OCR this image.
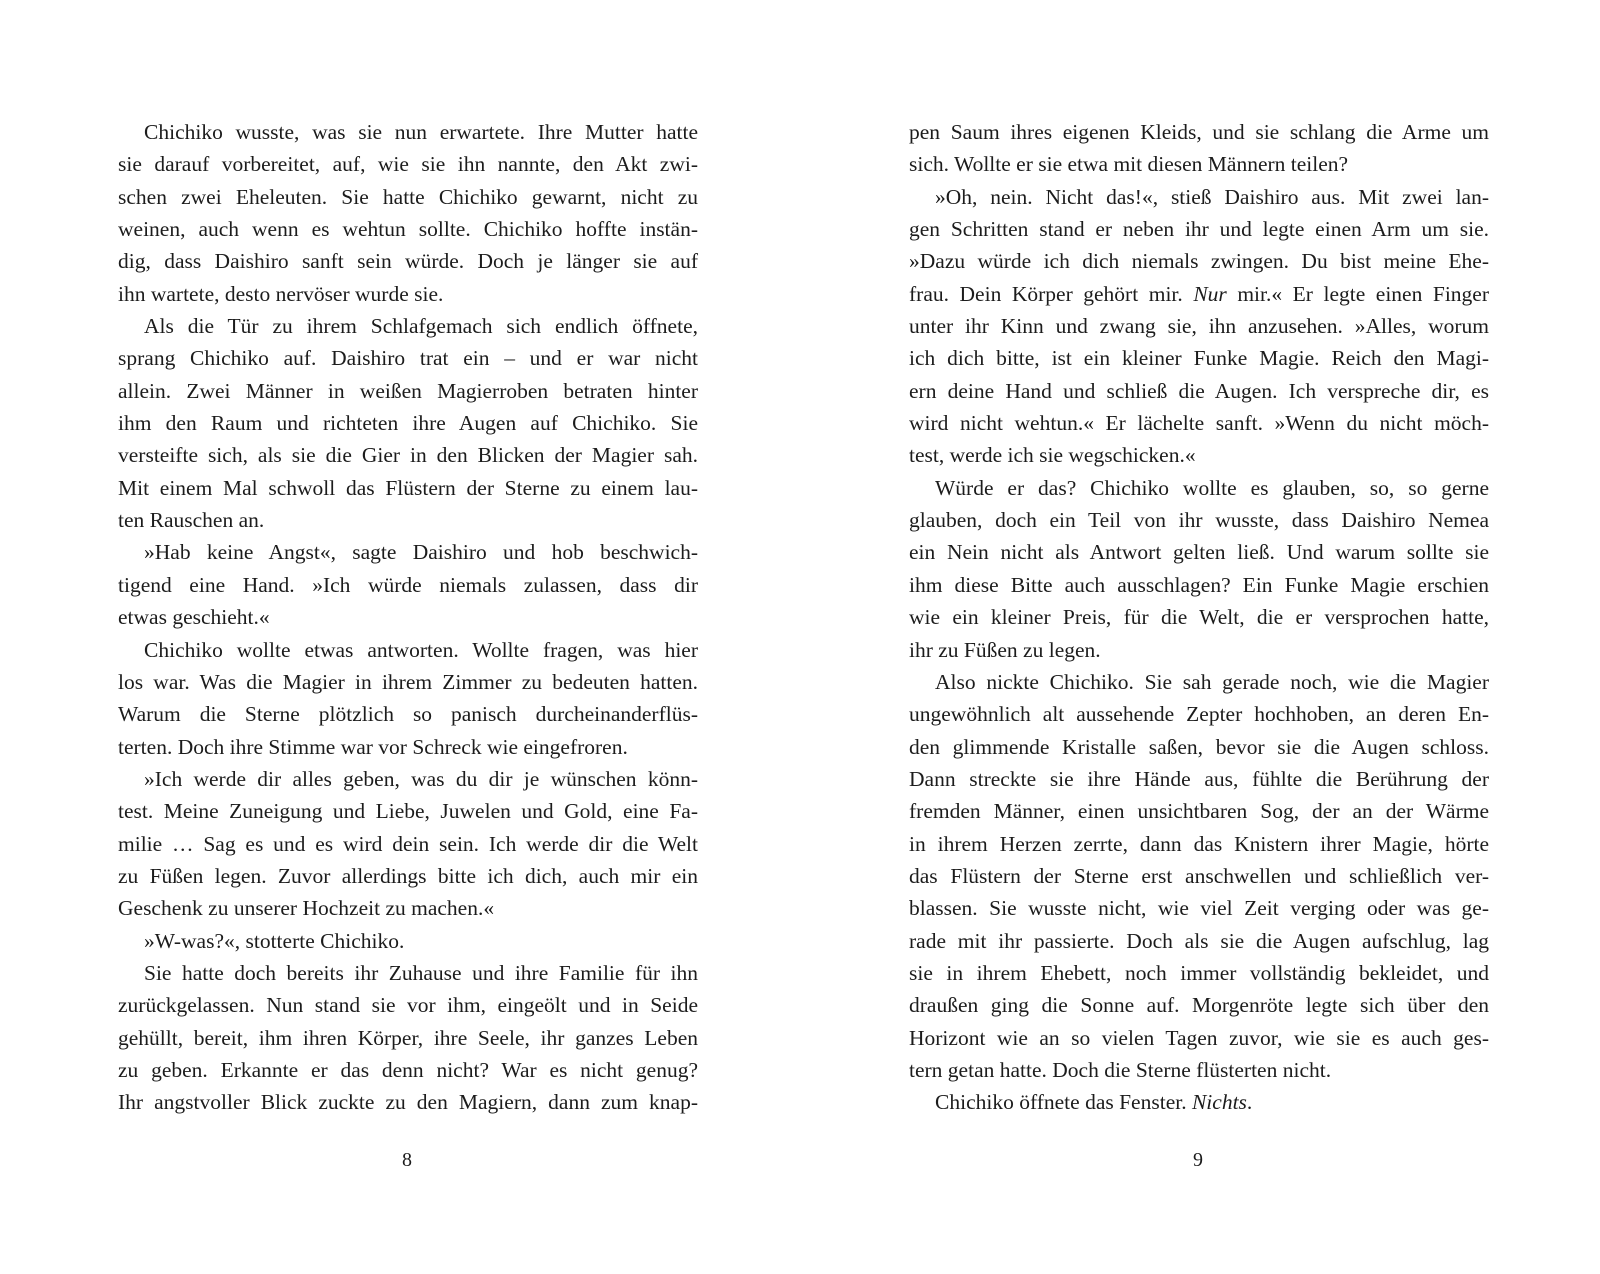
Chichiko wusste, was sie nun erwartete. Ihre Mutter hatte
sie darauf vorbereitet, auf, wie sie ihn nannte, den Akt zwi-
schen zwei Eheleuten. Sie hatte Chichiko gewarnt, nicht zu
weinen, auch wenn es wehtun sollte. Chichiko hoffte instän-
dig, dass Daishiro sanft sein würde. Doch je länger sie auf
ihn wartete, desto nervöser wurde sie.
Als die Tür zu ihrem Schlafgemach sich endlich öffnete,
sprang Chichiko auf. Daishiro trat ein – und er war nicht
allein. Zwei Männer in weißen Magierroben betraten hinter
ihm den Raum und richteten ihre Augen auf Chichiko. Sie
versteifte sich, als sie die Gier in den Blicken der Magier sah.
Mit einem Mal schwoll das Flüstern der Sterne zu einem lau-
ten Rauschen an.
»Hab keine Angst«, sagte Daishiro und hob beschwich-
tigend eine Hand. »Ich würde niemals zulassen, dass dir
etwas geschieht.«
Chichiko wollte etwas antworten. Wollte fragen, was hier
los war. Was die Magier in ihrem Zimmer zu bedeuten hatten.
Warum die Sterne plötzlich so panisch durcheinanderflüs-
terten. Doch ihre Stimme war vor Schreck wie eingefroren.
»Ich werde dir alles geben, was du dir je wünschen könn-
test. Meine Zuneigung und Liebe, Juwelen und Gold, eine Fa-
milie … Sag es und es wird dein sein. Ich werde dir die Welt
zu Füßen legen. Zuvor allerdings bitte ich dich, auch mir ein
Geschenk zu unserer Hochzeit zu machen.«
»W-was?«, stotterte Chichiko.
Sie hatte doch bereits ihr Zuhause und ihre Familie für ihn
zurückgelassen. Nun stand sie vor ihm, eingeölt und in Seide
gehüllt, bereit, ihm ihren Körper, ihre Seele, ihr ganzes Leben
zu geben. Erkannte er das denn nicht? War es nicht genug?
Ihr angstvoller Blick zuckte zu den Magiern, dann zum knap-
8
pen Saum ihres eigenen Kleids, und sie schlang die Arme um
sich. Wollte er sie etwa mit diesen Männern teilen?
»Oh, nein. Nicht das!«, stieß Daishiro aus. Mit zwei lan-
gen Schritten stand er neben ihr und legte einen Arm um sie.
»Dazu würde ich dich niemals zwingen. Du bist meine Ehe-
frau. Dein Körper gehört mir. Nur mir.« Er legte einen Finger
unter ihr Kinn und zwang sie, ihn anzusehen. »Alles, worum
ich dich bitte, ist ein kleiner Funke Magie. Reich den Magi-
ern deine Hand und schließ die Augen. Ich verspreche dir, es
wird nicht wehtun.« Er lächelte sanft. »Wenn du nicht möch-
test, werde ich sie wegschicken.«
Würde er das? Chichiko wollte es glauben, so, so gerne
glauben, doch ein Teil von ihr wusste, dass Daishiro Nemea
ein Nein nicht als Antwort gelten ließ. Und warum sollte sie
ihm diese Bitte auch ausschlagen? Ein Funke Magie erschien
wie ein kleiner Preis, für die Welt, die er versprochen hatte,
ihr zu Füßen zu legen.
Also nickte Chichiko. Sie sah gerade noch, wie die Magier
ungewöhnlich alt aussehende Zepter hochhoben, an deren En-
den glimmende Kristalle saßen, bevor sie die Augen schloss.
Dann streckte sie ihre Hände aus, fühlte die Berührung der
fremden Männer, einen unsichtbaren Sog, der an der Wärme
in ihrem Herzen zerrte, dann das Knistern ihrer Magie, hörte
das Flüstern der Sterne erst anschwellen und schließlich ver-
blassen. Sie wusste nicht, wie viel Zeit verging oder was ge-
rade mit ihr passierte. Doch als sie die Augen aufschlug, lag
sie in ihrem Ehebett, noch immer vollständig bekleidet, und
draußen ging die Sonne auf. Morgenröte legte sich über den
Horizont wie an so vielen Tagen zuvor, wie sie es auch ges-
tern getan hatte. Doch die Sterne flüsterten nicht.
Chichiko öffnete das Fenster. Nichts.
9
